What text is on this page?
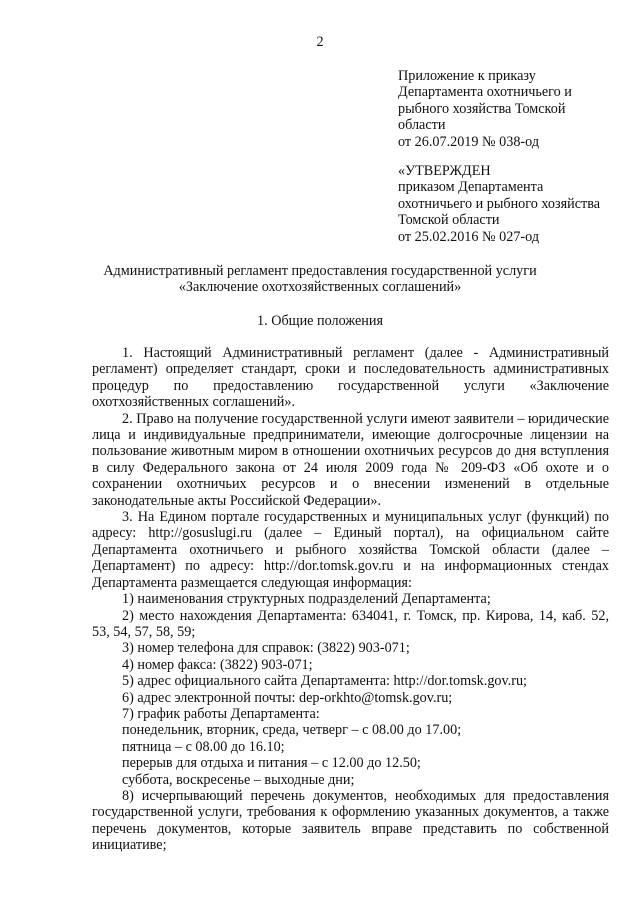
2
Приложение к приказу
Департамента охотничьего и
рыбного хозяйства Томской
области
от 26.07.2019 № 038-од
«УТВЕРЖДЕН
приказом Департамента
охотничьего и рыбного хозяйства
Томской области
от 25.02.2016 № 027-од
Административный регламент предоставления государственной услуги «Заключение охотхозяйственных соглашений»
1. Общие положения

1. Настоящий Административный регламент (далее - Административный регламент) определяет стандарт, сроки и последовательность административных процедур по предоставлению государственной услуги «Заключение охотхозяйственных соглашений».

2. Право на получение государственной услуги имеют заявители – юридические лица и индивидуальные предприниматели, имеющие долгосрочные лицензии на пользование животным миром в отношении охотничьих ресурсов до дня вступления в силу Федерального закона от 24 июля 2009 года № 209-ФЗ «Об охоте и о сохранении охотничьих ресурсов и о внесении изменений в отдельные законодательные акты Российской Федерации».

3. На Едином портале государственных и муниципальных услуг (функций) по адресу: http://gosuslugi.ru (далее – Единый портал), на официальном сайте Департамента охотничьего и рыбного хозяйства Томской области (далее – Департамент) по адресу: http://dor.tomsk.gov.ru и на информационных стендах Департамента размещается следующая информация:

1) наименования структурных подразделений Департамента;

2) место нахождения Департамента: 634041, г. Томск, пр. Кирова, 14, каб. 52, 53, 54, 57, 58, 59;

3) номер телефона для справок: (3822) 903-071;

4) номер факса: (3822) 903-071;

5) адрес официального сайта Департамента: http://dor.tomsk.gov.ru;

6) адрес электронной почты: dep-orkhto@tomsk.gov.ru;

7) график работы Департамента:

понедельник, вторник, среда, четверг – с 08.00 до 17.00;

пятница – с 08.00 до 16.10;

перерыв для отдыха и питания – с 12.00 до 12.50;

суббота, воскресенье – выходные дни;

8) исчерпывающий перечень документов, необходимых для предоставления государственной услуги, требования к оформлению указанных документов, а также перечень документов, которые заявитель вправе представить по собственной инициативе;
